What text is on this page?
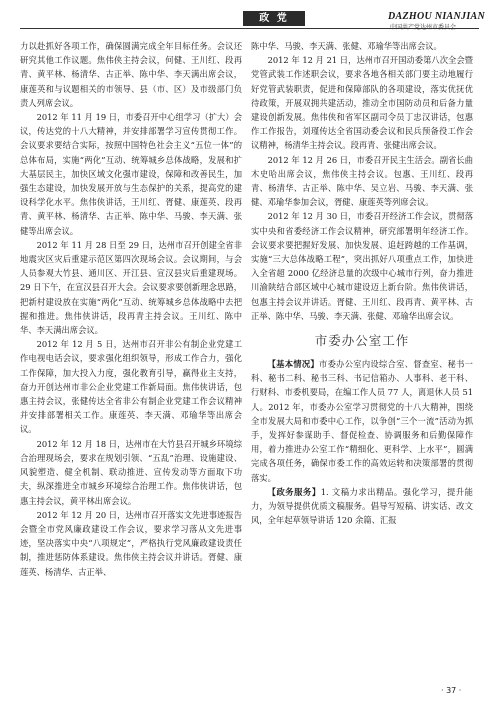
政 党	DAZHOU NIANJIAN

力以赴抓好各项工作，确保圆满完成全年目标任务。会议还研究其他工作议题。焦伟侠主持会议，何健、王川红、段再青、黄平林、杨清华、古正举、陈中华、李天满出席会议，康莲英和与议题相关的市领导、县（市、区）及市级部门负责人列席会议。

2012 年 11 月 19 日，市委召开中心组学习（扩大）会议，传达党的十八大精神，并安排部署学习宣传贯彻工作。会议要求要结合实际，按照中国特色社会主义“五位一体”的总体布局，实施“两化”互动、统筹城乡总体战略，发展和扩大基层民主，加快区域文化强市建设，保障和改善民生，加强生态建设，加快发展开放与生态保护的关系，提高党的建设科学化水平。焦伟侠讲话，王川红、胥健、康莲英、段再青、黄平林、杨清华、古正举、陈中华、马骏、李天满、张健等出席会议。

2012 年 11 月 28 日至 29 日，达州市召开创建全省非地震灾区灾后重建示范区第四次现场会议。会议期间，与会人员参观大竹县、通川区、开江县、宣汉县灾后重建现场。29 日下午，在宣汉县召开大会。会议要求要创新理念思路，把新村建设放在实施“两化”互动、统筹城乡总体战略中去把握和推进。焦伟侠讲话，段再青主持会议。王川红、陈中华、李天满出席会议。

2012 年 12 月 5 日，达州市召开非公有制企业党建工作电视电话会议，要求强化组织领导，形成工作合力，强化工作保障，加大投入力度，强化教育引导，赢得业主支持，奋力开创达州市非公企业党建工作新局面。焦伟侠讲话，包惠主持会议，张健传达全省非公有制企业党建工作会议精神并安排部署相关工作。康莲英、李天满、邓瑜华等出席会议。

2012 年 12 月 18 日，达州市在大竹县召开城乡环境综合治理现场会，要求在规划引领、“五乱”治理、设施建设、风貌塑造、健全机制、联动推进、宣传发动等方面取下功夫，纵深推进全市城乡环境综合治理工作。焦伟侠讲话，包惠主持会议，黄平林出席会议。

2012 年 12 月 20 日，达州市召开落实文先进事迹报告会暨全市党风廉政建设工作会议，要求学习落从文先进事迹，坚决落实中央“八项规定”，严格执行党风廉政建设责任制，推进惩防体系建设。焦伟侠主持会议并讲话。胥健、康莲英、杨清华、古正举、

陈中华、马骏、李天满、张健、邓瑜华等出席会议。

2012 年 12 月 21 日，达州市召开国动委第八次全会暨党管武装工作述职会议，要求各地各相关部门要主动地履行好党管武装职责，促进和保障部队的各项建设，落实优抚优待政策，开展双拥共建活动，推动全市国防动员和后备力量建设创新发展。焦伟侠和省军区副司令员丁忠汉讲话，包惠作工作报告，刘瑾传达全省国动委会议和民兵预备役工作会议精神，杨清华主持会议。段再青、张健出席会议。

2012 年 12 月 26 日，市委召开民主生活会。副省长曲木史哈出席会议，焦伟侠主持会议。包惠、王川红、段再青、杨清华、古正举、陈中华、吴立岩、马骏、李天满、张健、邓瑜华参加会议，胥健、康莲英等列席会议。

2012 年 12 月 30 日，市委召开经济工作会议，贯彻落实中央和省委经济工作会议精神，研究部署明年经济工作。会议要求要把握好发展、加快发展、追赶跨越的工作基调，实施“三大总体战略工程”，突出抓好八项重点工作，加快进入全省超 2000 亿经济总量的次级中心城市行列，奋力推进川渝陕结合部区域中心城市建设迈上新台阶。焦伟侠讲话，包惠主持会议并讲话。胥健、王川红、段再青、黄平林、古正举、陈中华、马骏、李天满、张健、邓瑜华出席会议。

市委办公室工作

【基本情况】市委办公室内设综合室、督查室、秘书一科、秘书二科、秘书三科、书记信箱办、人事科、老干科、行财科、市委机要局，在编工作人员 77 人，离退休人员 51 人。2012 年，市委办公室学习贯彻党的十八大精神，围绕全市发展大局和市委中心工作，以争创“三个一流”活动为抓手，发挥好参谋助手、督促检查、协调服务和后勤保障作用，着力推进办公室工作“精细化、更科学、上水平”，圆满完成各项任务，确保市委工作的高效运转和决策部署的贯彻落实。

【政务服务】1. 文稿力求出精品。强化学习，提升能力，为领导提供优质文稿服务。倡导写短稿、讲实话、改文风，全年起草领导讲话 120 余篇、汇报

· 37 ·
